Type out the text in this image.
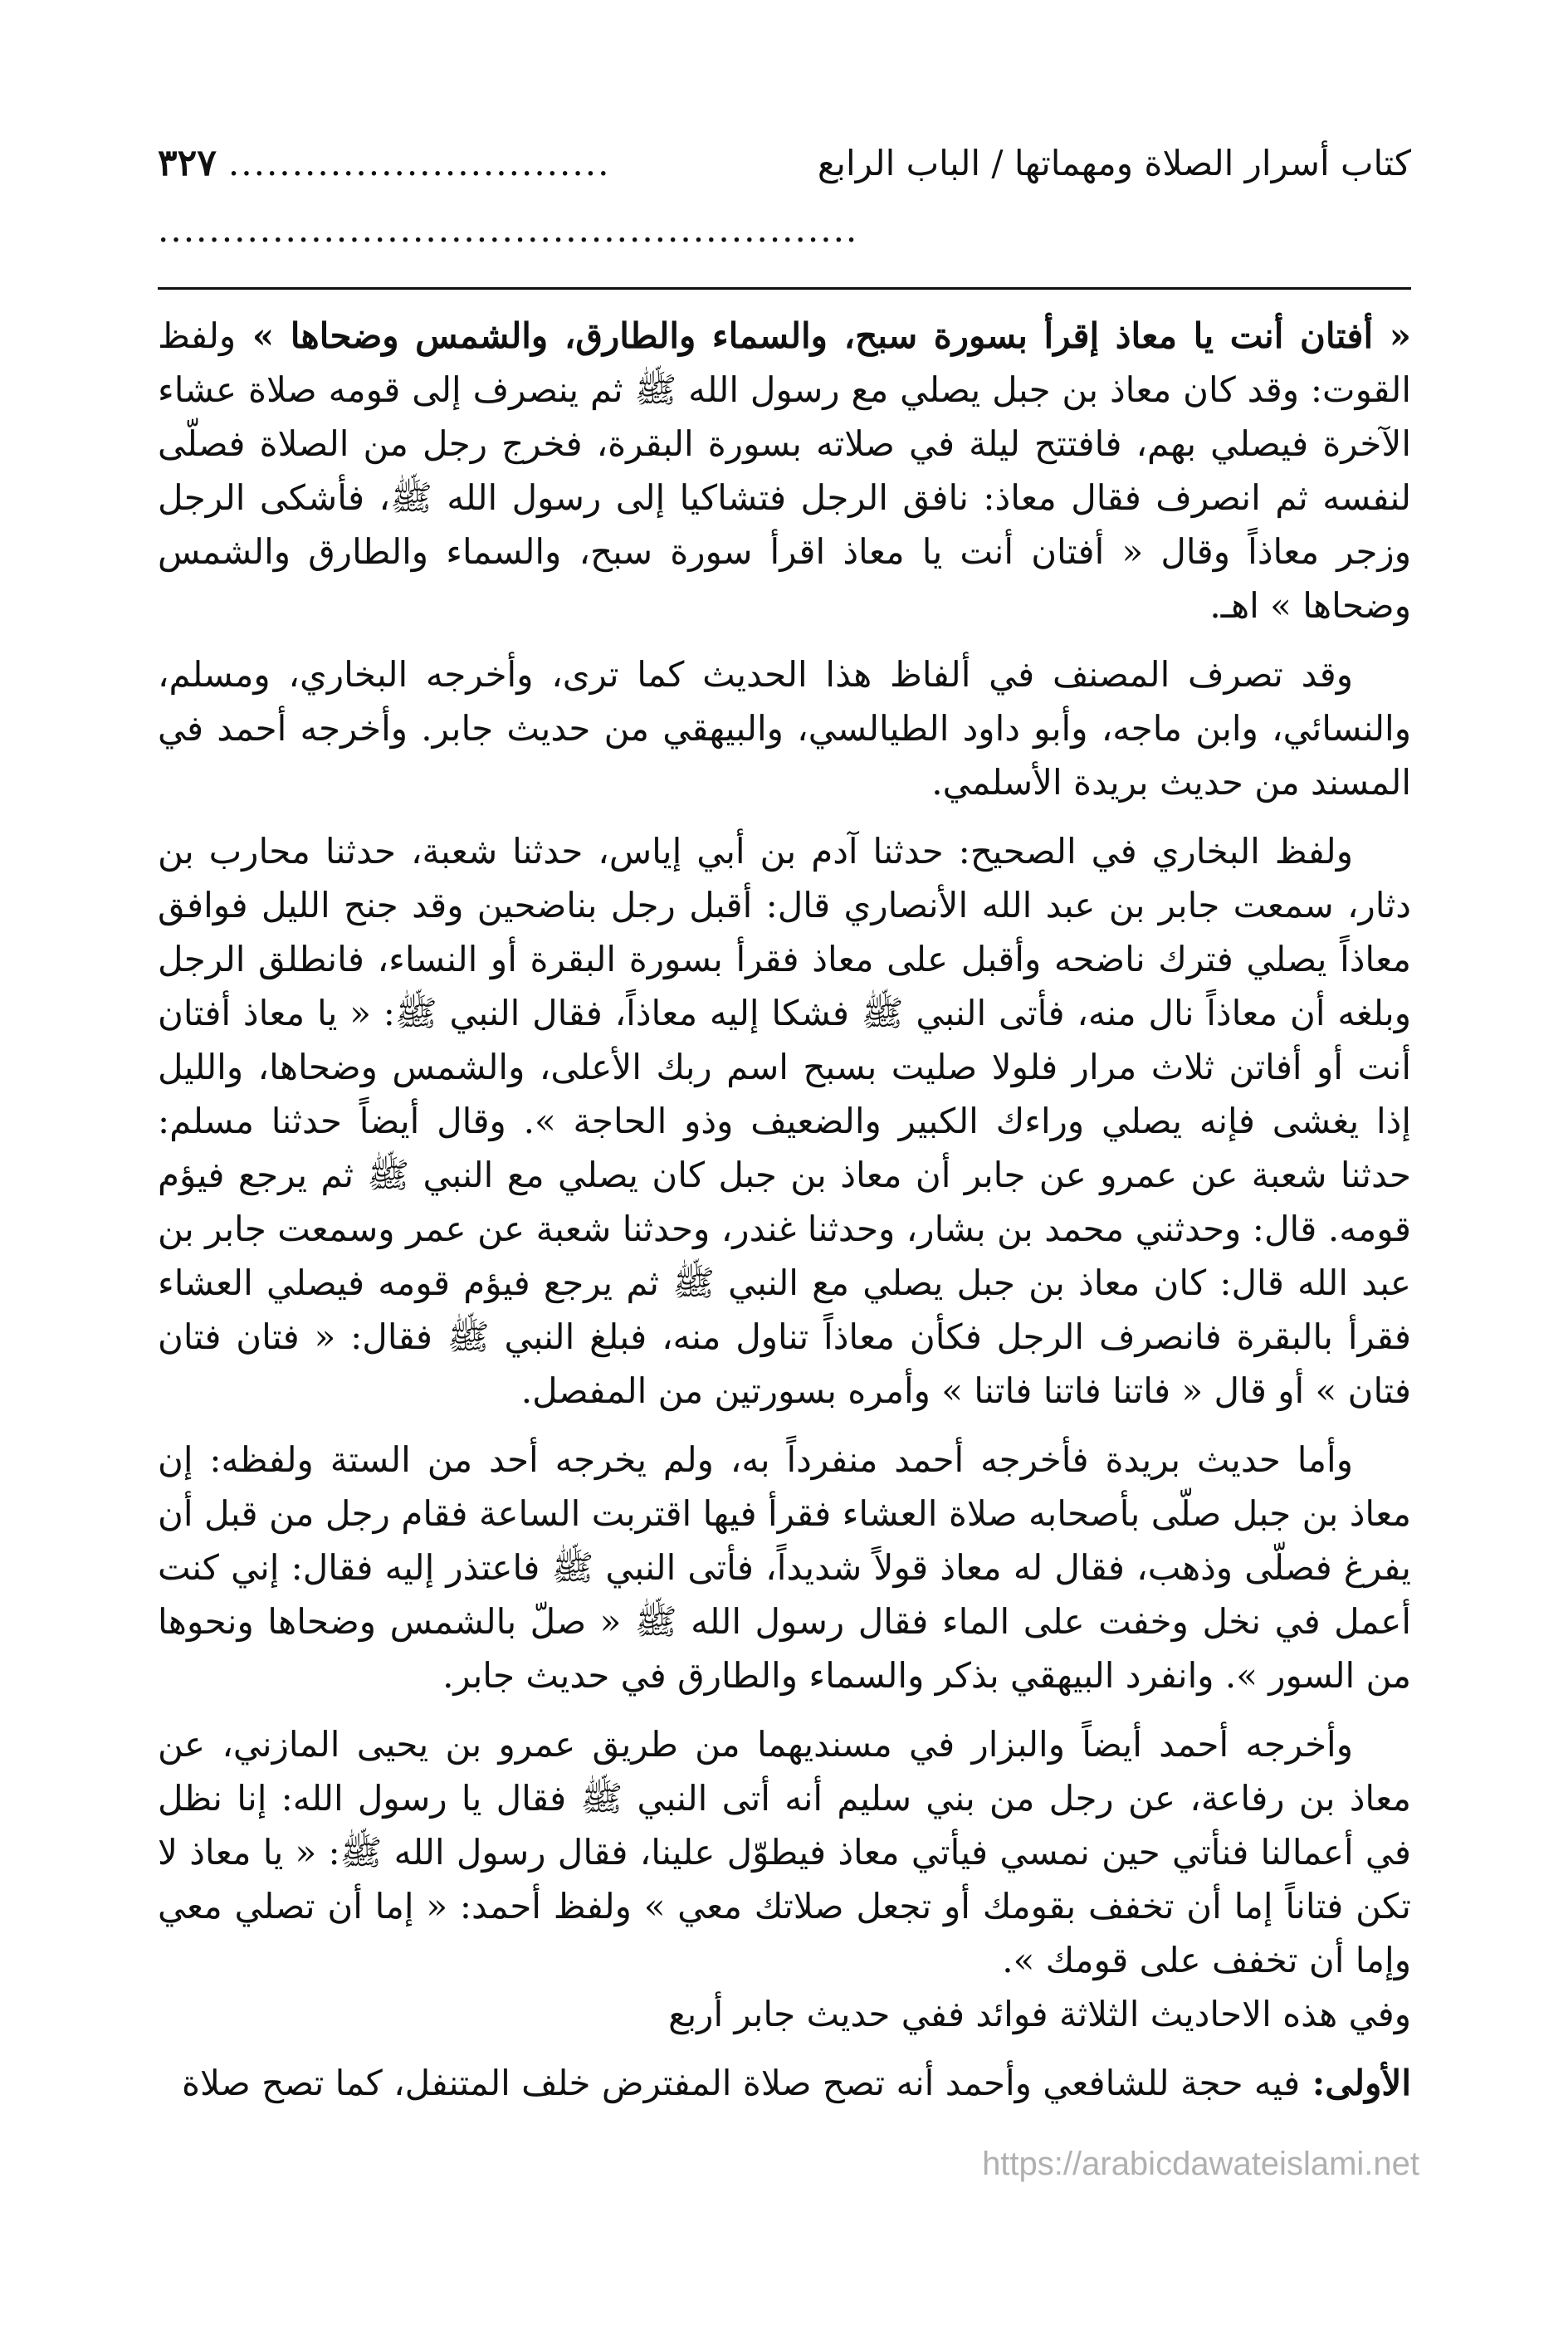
كتاب أسرار الصلاة ومهماتها / الباب الرابع
..............................
٣٢٧
.......................................................

« أفتان أنت يا معاذ إقرأ بسورة سبح، والسماء والطارق، والشمس وضحاها » ولفظ القوت: وقد كان معاذ بن جبل يصلي مع رسول الله ﷺ ثم ينصرف إلى قومه صلاة عشاء الآخرة فيصلي بهم، فافتتح ليلة في صلاته بسورة البقرة، فخرج رجل من الصلاة فصلّى لنفسه ثم انصرف فقال معاذ: نافق الرجل فتشاكيا إلى رسول الله ﷺ، فأشكى الرجل وزجر معاذاً وقال « أفتان أنت يا معاذ اقرأ سورة سبح، والسماء والطارق والشمس وضحاها » اهـ.

وقد تصرف المصنف في ألفاظ هذا الحديث كما ترى، وأخرجه البخاري، ومسلم، والنسائي، وابن ماجه، وأبو داود الطيالسي، والبيهقي من حديث جابر. وأخرجه أحمد في المسند من حديث بريدة الأسلمي.

ولفظ البخاري في الصحيح: حدثنا آدم بن أبي إياس، حدثنا شعبة، حدثنا محارب بن دثار، سمعت جابر بن عبد الله الأنصاري قال: أقبل رجل بناضحين وقد جنح الليل فوافق معاذاً يصلي فترك ناضحه وأقبل على معاذ فقرأ بسورة البقرة أو النساء، فانطلق الرجل وبلغه أن معاذاً نال منه، فأتى النبي ﷺ فشكا إليه معاذاً، فقال النبي ﷺ: « يا معاذ أفتان أنت أو أفاتن ثلاث مرار فلولا صليت بسبح اسم ربك الأعلى، والشمس وضحاها، والليل إذا يغشى فإنه يصلي وراءك الكبير والضعيف وذو الحاجة ». وقال أيضاً حدثنا مسلم: حدثنا شعبة عن عمرو عن جابر أن معاذ بن جبل كان يصلي مع النبي ﷺ ثم يرجع فيؤم قومه. قال: وحدثني محمد بن بشار، وحدثنا غندر، وحدثنا شعبة عن عمر وسمعت جابر بن عبد الله قال: كان معاذ بن جبل يصلي مع النبي ﷺ ثم يرجع فيؤم قومه فيصلي العشاء فقرأ بالبقرة فانصرف الرجل فكأن معاذاً تناول منه، فبلغ النبي ﷺ فقال: « فتان فتان فتان » أو قال « فاتنا فاتنا فاتنا » وأمره بسورتين من المفصل.

وأما حديث بريدة فأخرجه أحمد منفرداً به، ولم يخرجه أحد من الستة ولفظه: إن معاذ بن جبل صلّى بأصحابه صلاة العشاء فقرأ فيها اقتربت الساعة فقام رجل من قبل أن يفرغ فصلّى وذهب، فقال له معاذ قولاً شديداً، فأتى النبي ﷺ فاعتذر إليه فقال: إني كنت أعمل في نخل وخفت على الماء فقال رسول الله ﷺ « صلّ بالشمس وضحاها ونحوها من السور ». وانفرد البيهقي بذكر والسماء والطارق في حديث جابر.

وأخرجه أحمد أيضاً والبزار في مسنديهما من طريق عمرو بن يحيى المازني، عن معاذ بن رفاعة، عن رجل من بني سليم أنه أتى النبي ﷺ فقال يا رسول الله: إنا نظل في أعمالنا فنأتي حين نمسي فيأتي معاذ فيطوّل علينا، فقال رسول الله ﷺ: « يا معاذ لا تكن فتاناً إما أن تخفف بقومك أو تجعل صلاتك معي » ولفظ أحمد: « إما أن تصلي معي وإما أن تخفف على قومك ».

وفي هذه الاحاديث الثلاثة فوائد ففي حديث جابر أربع

الأولى: فيه حجة للشافعي وأحمد أنه تصح صلاة المفترض خلف المتنفل، كما تصح صلاة

https://arabicdawateislami.net
